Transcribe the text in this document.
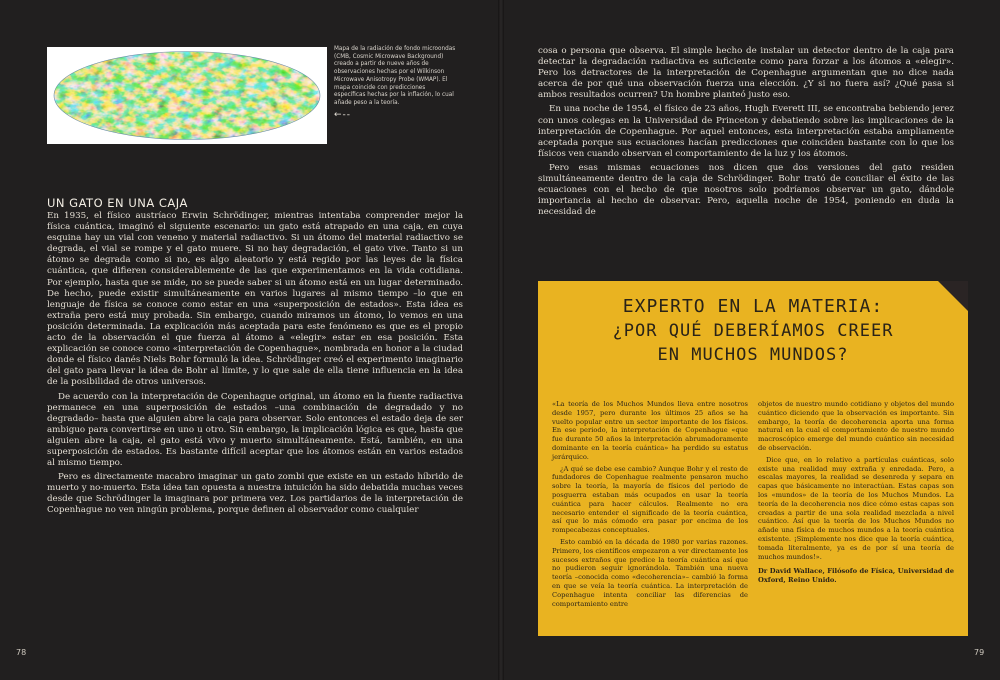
Mapa de la radiación de fondo microondas (CMB, Cosmic Microwave Background) creado a partir de nueve años de observaciones hechas por el Wilkinson Microwave Anisotropy Probe (WMAP). El mapa coincide con predicciones específicas hechas por la inflación, lo cual añade peso a la teoría.

←‑‑
UN GATO EN UNA CAJA

En 1935, el físico austríaco Erwin Schrödinger, mientras intentaba comprender mejor la física cuántica, imaginó el siguiente escenario: un gato está atrapado en una caja, en cuya esquina hay un vial con veneno y material radiactivo. Si un átomo del material radiactivo se degrada, el vial se rompe y el gato muere. Si no hay degradación, el gato vive. Tanto si un átomo se degrada como si no, es algo aleatorio y está regido por las leyes de la física cuántica, que difieren considerablemente de las que experimentamos en la vida cotidiana. Por ejemplo, hasta que se mide, no se puede saber si un átomo está en un lugar determinado. De hecho, puede existir simultáneamente en varios lugares al mismo tiempo –lo que en lenguaje de física se conoce como estar en una «superposición de estados». Esta idea es extraña pero está muy probada. Sin embargo, cuando miramos un átomo, lo vemos en una posición determinada. La explicación más aceptada para este fenómeno es que es el propio acto de la observación el que fuerza al átomo a «elegir» estar en esa posición. Esta explicación se conoce como «interpretación de Copenhague», nombrada en honor a la ciudad donde el físico danés Niels Bohr formuló la idea. Schrödinger creó el experimento imaginario del gato para llevar la idea de Bohr al límite, y lo que sale de ella tiene influencia en la idea de la posibilidad de otros universos.

De acuerdo con la interpretación de Copenhague original, un átomo en la fuente radiactiva permanece en una superposición de estados –una combinación de degradado y no degradado– hasta que alguien abre la caja para observar. Solo entonces el estado deja de ser ambiguo para convertirse en uno u otro. Sin embargo, la implicación lógica es que, hasta que alguien abre la caja, el gato está vivo y muerto simultáneamente. Está, también, en una superposición de estados. Es bastante difícil aceptar que los átomos están en varios estados al mismo tiempo.

Pero es directamente macabro imaginar un gato zombi que existe en un estado híbrido de muerto y no-muerto. Esta idea tan opuesta a nuestra intuición ha sido debatida muchas veces desde que Schrödinger la imaginara por primera vez. Los partidarios de la interpretación de Copenhague no ven ningún problema, porque definen al observador como cualquier

78

cosa o persona que observa. El simple hecho de instalar un detector dentro de la caja para detectar la degradación radiactiva es suficiente como para forzar a los átomos a «elegir». Pero los detractores de la interpretación de Copenhague argumentan que no dice nada acerca de por qué una observación fuerza una elección. ¿Y si no fuera así? ¿Qué pasa si ambos resultados ocurren? Un hombre planteó justo eso.

En una noche de 1954, el físico de 23 años, Hugh Everett III, se encontraba bebiendo jerez con unos colegas en la Universidad de Princeton y debatiendo sobre las implicaciones de la interpretación de Copenhague. Por aquel entonces, esta interpretación estaba ampliamente aceptada porque sus ecuaciones hacían predicciones que coinciden bastante con lo que los físicos ven cuando observan el comportamiento de la luz y los átomos.

Pero esas mismas ecuaciones nos dicen que dos versiones del gato residen simultáneamente dentro de la caja de Schrödinger. Bohr trató de conciliar el éxito de las ecuaciones con el hecho de que nosotros solo podríamos observar un gato, dándole importancia al hecho de observar. Pero, aquella noche de 1954, poniendo en duda la necesidad de

EXPERTO EN LA MATERIA:
¿POR QUÉ DEBERÍAMOS CREER
EN MUCHOS MUNDOS?

«La teoría de los Muchos Mundos lleva entre nosotros desde 1957, pero durante los últimos 25 años se ha vuelto popular entre un sector importante de los físicos. En ese periodo, la interpretación de Copenhague «que fue durante 50 años la interpretación abrumadoramente dominante en la teoría cuántica» ha perdido su estatus jerárquico.

¿A qué se debe ese cambio? Aunque Bohr y el resto de fundadores de Copenhague realmente pensaron mucho sobre la teoría, la mayoría de físicos del periodo de posguerra estaban más ocupados en usar la teoría cuántica para hacer cálculos. Realmente no era necesario entender el significado de la teoría cuántica, así que lo más cómodo era pasar por encima de los rompecabezas conceptuales.

Esto cambió en la década de 1980 por varias razones. Primero, los científicos empezaron a ver directamente los sucesos extraños que predice la teoría cuántica así que no pudieron seguir ignorándola. También una nueva teoría –conocida como «decoherencia»– cambió la forma en que se veía la teoría cuántica. La interpretación de Copenhague intenta conciliar las diferencias de comportamiento entre

objetos de nuestro mundo cotidiano y objetos del mundo cuántico diciendo que la observación es importante. Sin embargo, la teoría de decoherencia aporta una forma natural en la cual el comportamiento de nuestro mundo macroscópico emerge del mundo cuántico sin necesidad de observación.

Dice que, en lo relativo a partículas cuánticas, solo existe una realidad muy extraña y enredada. Pero, a escalas mayores, la realidad se desenreda y separa en capas que básicamente no interactúan. Estas capas son los «mundos» de la teoría de los Muchos Mundos. La teoría de la decoherencia nos dice cómo estas capas son creadas a partir de una sola realidad mezclada a nivel cuántico. Así que la teoría de los Muchos Mundos no añade una física de muchos mundos a la teoría cuántica existente. ¡Simplemente nos dice que la teoría cuántica, tomada literalmente, ya es de por sí una teoría de muchos mundos!».

Dr David Wallace, Filósofo de Física, Universidad de Oxford, Reino Unido.

79
